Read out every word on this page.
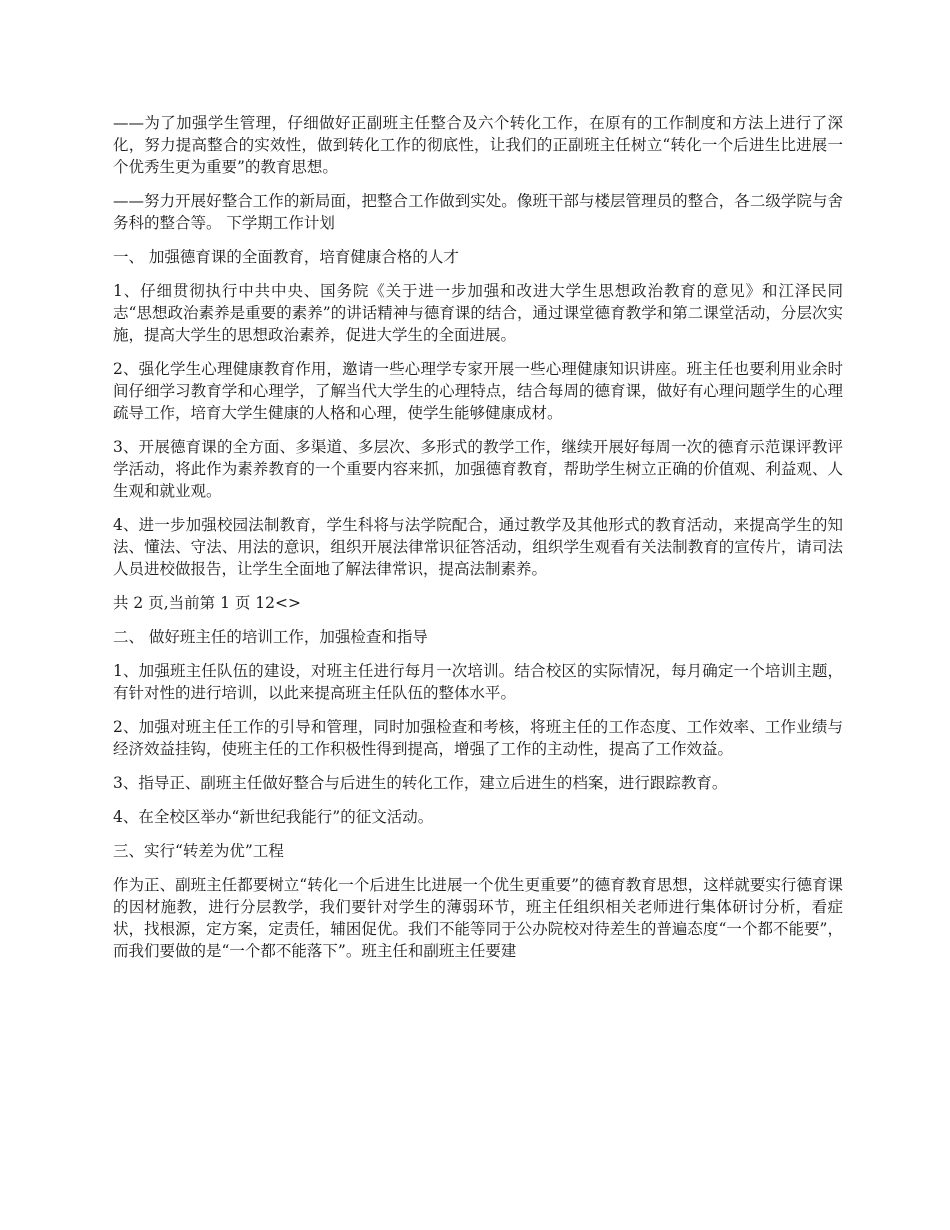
——为了加强学生管理，仔细做好正副班主任整合及六个转化工作，在原有的工作制度和方法上进行了深化，努力提高整合的实效性，做到转化工作的彻底性，让我们的正副班主任树立“转化一个后进生比进展一个优秀生更为重要”的教育思想。

——努力开展好整合工作的新局面，把整合工作做到实处。像班干部与楼层管理员的整合，各二级学院与舍务科的整合等。 下学期工作计划

一、 加强德育课的全面教育，培育健康合格的人才

1、仔细贯彻执行中共中央、国务院《关于进一步加强和改进大学生思想政治教育的意见》和江泽民同志“思想政治素养是重要的素养”的讲话精神与德育课的结合，通过课堂德育教学和第二课堂活动，分层次实施，提高大学生的思想政治素养，促进大学生的全面进展。

2、强化学生心理健康教育作用，邀请一些心理学专家开展一些心理健康知识讲座。班主任也要利用业余时间仔细学习教育学和心理学，了解当代大学生的心理特点，结合每周的德育课，做好有心理问题学生的心理疏导工作，培育大学生健康的人格和心理，使学生能够健康成材。

3、开展德育课的全方面、多渠道、多层次、多形式的教学工作，继续开展好每周一次的德育示范课评教评学活动，将此作为素养教育的一个重要内容来抓，加强德育教育，帮助学生树立正确的价值观、利益观、人生观和就业观。

4、进一步加强校园法制教育，学生科将与法学院配合，通过教学及其他形式的教育活动，来提高学生的知法、懂法、守法、用法的意识，组织开展法律常识征答活动，组织学生观看有关法制教育的宣传片，请司法人员进校做报告，让学生全面地了解法律常识，提高法制素养。

共 2 页,当前第 1 页 12<>

二、 做好班主任的培训工作，加强检查和指导

1、加强班主任队伍的建设，对班主任进行每月一次培训。结合校区的实际情况，每月确定一个培训主题，有针对性的进行培训，以此来提高班主任队伍的整体水平。

2、加强对班主任工作的引导和管理，同时加强检查和考核，将班主任的工作态度、工作效率、工作业绩与经济效益挂钩，使班主任的工作积极性得到提高，增强了工作的主动性，提高了工作效益。

3、指导正、副班主任做好整合与后进生的转化工作，建立后进生的档案，进行跟踪教育。

4、在全校区举办“新世纪我能行”的征文活动。

三、实行“转差为优”工程

作为正、副班主任都要树立“转化一个后进生比进展一个优生更重要”的德育教育思想，这样就要实行德育课的因材施教，进行分层教学，我们要针对学生的薄弱环节，班主任组织相关老师进行集体研讨分析，看症状，找根源，定方案，定责任，辅困促优。我们不能等同于公办院校对待差生的普遍态度“一个都不能要”，而我们要做的是“一个都不能落下”。班主任和副班主任要建
